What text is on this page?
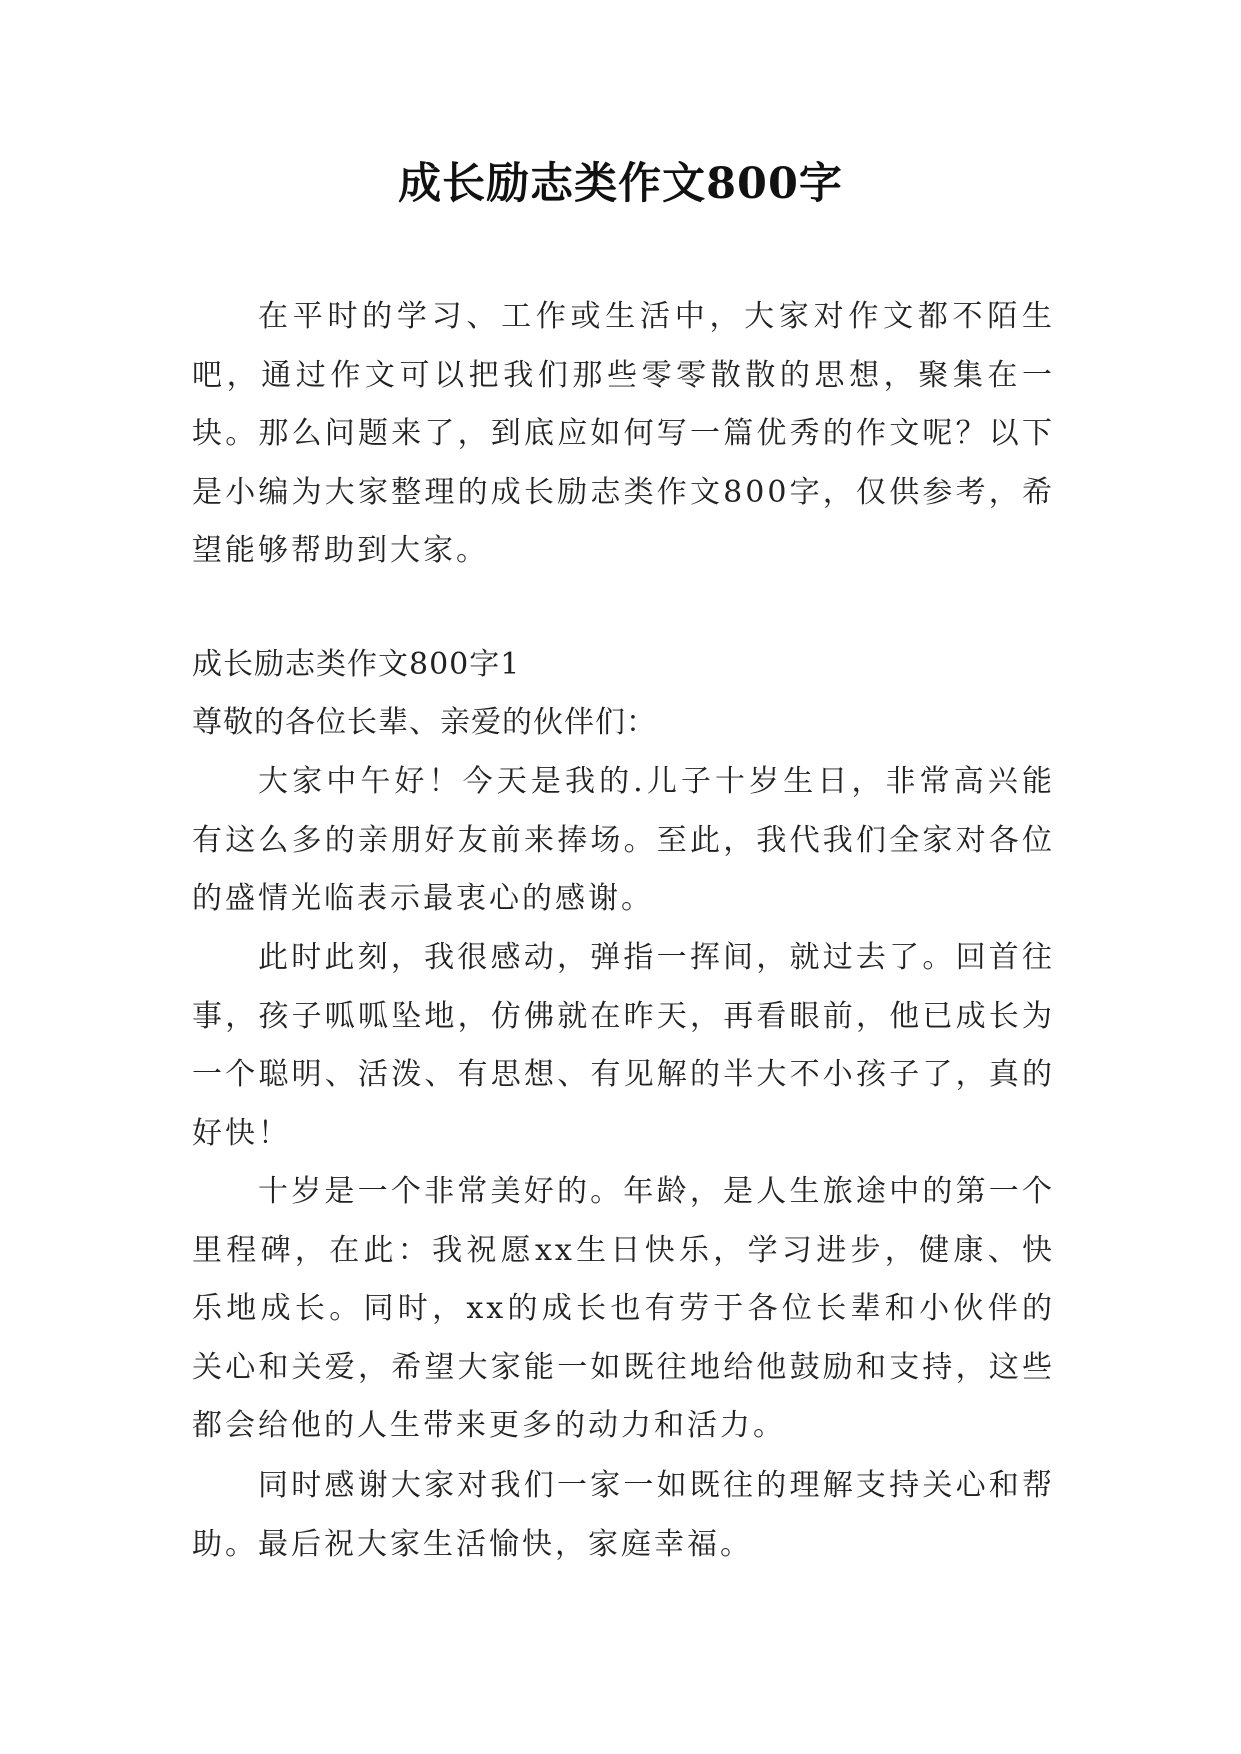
成长励志类作文800字

在平时的学习、工作或生活中，大家对作文都不陌生吧，通过作文可以把我们那些零零散散的思想，聚集在一块。那么问题来了，到底应如何写一篇优秀的作文呢？以下是小编为大家整理的成长励志类作文800字，仅供参考，希望能够帮助到大家。

成长励志类作文800字1

尊敬的各位长辈、亲爱的伙伴们：

大家中午好！今天是我的.儿子十岁生日，非常高兴能有这么多的亲朋好友前来捧场。至此，我代我们全家对各位的盛情光临表示最衷心的感谢。

此时此刻，我很感动，弹指一挥间，就过去了。回首往事，孩子呱呱坠地，仿佛就在昨天，再看眼前，他已成长为一个聪明、活泼、有思想、有见解的半大不小孩子了，真的好快！

十岁是一个非常美好的。年龄，是人生旅途中的第一个里程碑，在此：我祝愿xx生日快乐，学习进步，健康、快乐地成长。同时，xx的成长也有劳于各位长辈和小伙伴的关心和关爱，希望大家能一如既往地给他鼓励和支持，这些都会给他的人生带来更多的动力和活力。

同时感谢大家对我们一家一如既往的理解支持关心和帮助。最后祝大家生活愉快，家庭幸福。
